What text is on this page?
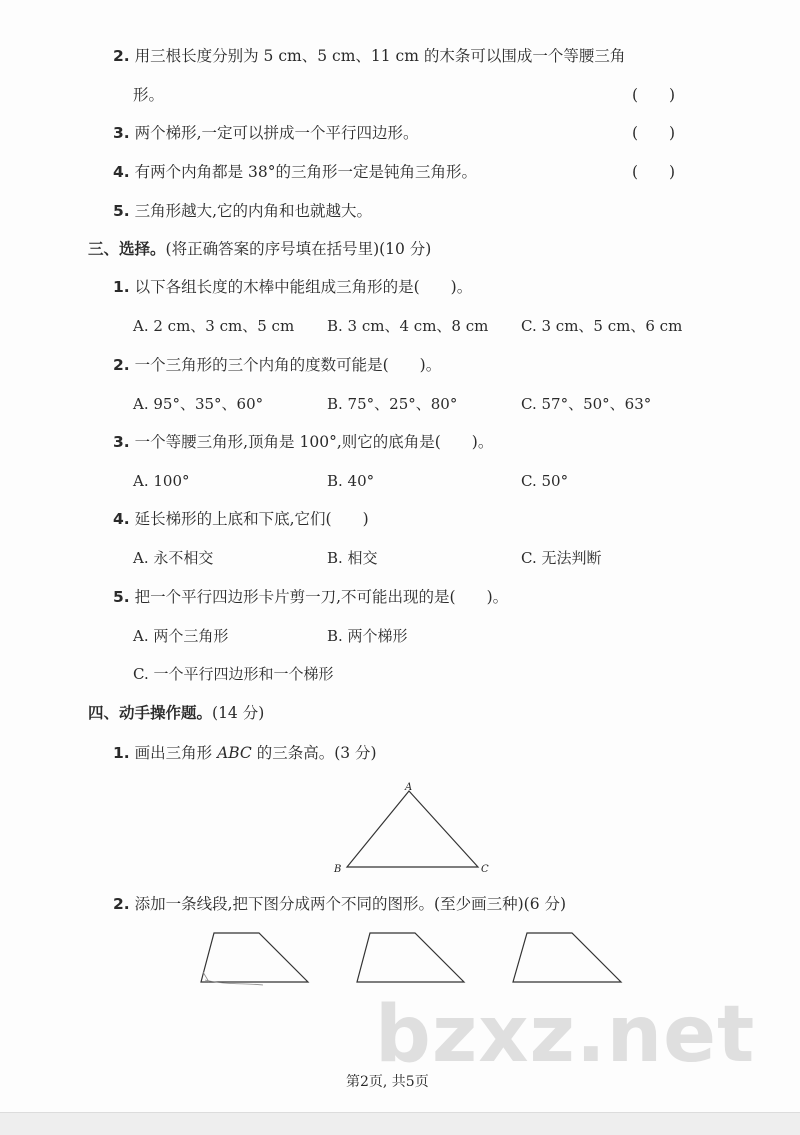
2. 用三根长度分别为 5 cm、5 cm、11 cm 的木条可以围成一个等腰三角
形。	(　　)
3. 两个梯形,一定可以拼成一个平行四边形。	(　　)
4. 有两个内角都是 38°的三角形一定是钝角三角形。	(　　)
5. 三角形越大,它的内角和也就越大。
三、选择。(将正确答案的序号填在括号里)(10 分)
1. 以下各组长度的木棒中能组成三角形的是(　　)。
A. 2 cm、3 cm、5 cm B. 3 cm、4 cm、8 cm C. 3 cm、5 cm、6 cm
2. 一个三角形的三个内角的度数可能是(　　)。
A. 95°、35°、60°	B. 75°、25°、80°	C. 57°、50°、63°
3. 一个等腰三角形,顶角是 100°,则它的底角是(　　)。
A. 100°	B. 40°	C. 50°
4. 延长梯形的上底和下底,它们(　　)
A. 永不相交	B. 相交	C. 无法判断
5. 把一个平行四边形卡片剪一刀,不可能出现的是(　　)。
A. 两个三角形	B. 两个梯形
C. 一个平行四边形和一个梯形
四、动手操作题。(14 分)
1. 画出三角形 ABC 的三条高。(3 分)
A
B	C
2. 添加一条线段,把下图分成两个不同的图形。(至少画三种)(6 分)
bzxz.net
第2页, 共5页
